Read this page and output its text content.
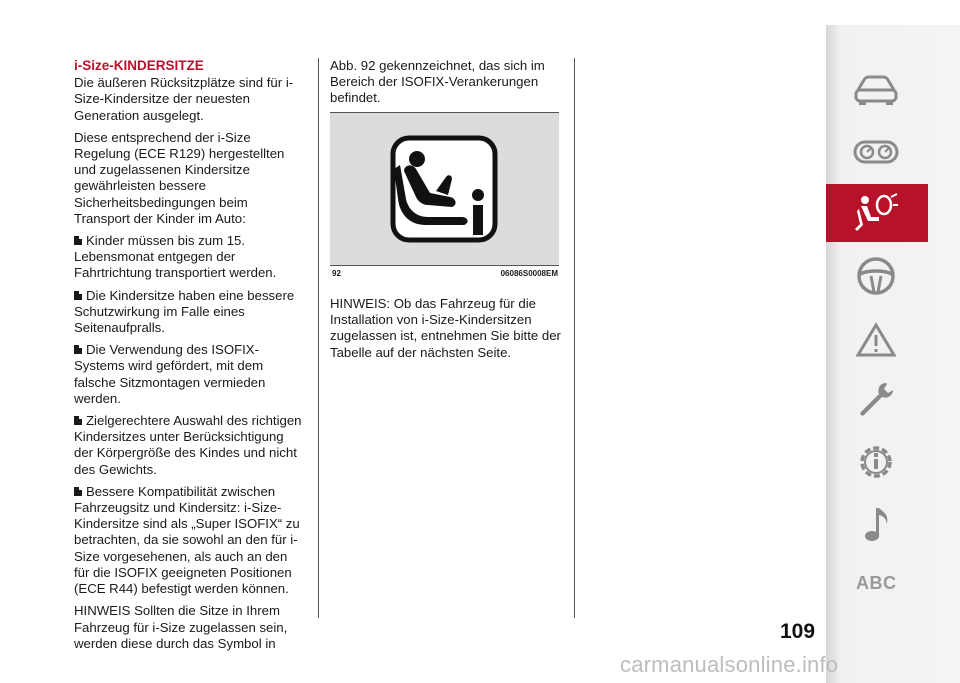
i-Size-KINDERSITZE

Die äußeren Rücksitzplätze sind für i-Size-Kindersitze der neuesten Generation ausgelegt.

Diese entsprechend der i-Size Regelung (ECE R129) hergestellten und zugelassenen Kindersitze gewährleisten bessere Sicherheitsbedingungen beim Transport der Kinder im Auto:

Kinder müssen bis zum 15. Lebensmonat entgegen der Fahrtrichtung transportiert werden.
Die Kindersitze haben eine bessere Schutzwirkung im Falle eines Seitenaufpralls.
Die Verwendung des ISOFIX-Systems wird gefördert, mit dem falsche Sitzmontagen vermieden werden.
Zielgerechtere Auswahl des richtigen Kindersitzes unter Berücksichtigung der Körpergröße des Kindes und nicht des Gewichts.
Bessere Kompatibilität zwischen Fahrzeugsitz und Kindersitz: i-Size-Kindersitze sind als „Super ISOFIX“ zu betrachten, da sie sowohl an den für i-Size vorgesehenen, als auch an den für die ISOFIX geeigneten Positionen (ECE R44) befestigt werden können.

HINWEIS Sollten die Sitze in Ihrem Fahrzeug für i-Size zugelassen sein, werden diese durch das Symbol in

Abb. 92 gekennzeichnet, das sich im Bereich der ISOFIX-Verankerungen befindet.

92	06086S0008EM

HINWEIS: Ob das Fahrzeug für die Installation von i-Size-Kindersitzen zugelassen ist, entnehmen Sie bitte der Tabelle auf der nächsten Seite.

ABC
109
carmanualsonline.info
